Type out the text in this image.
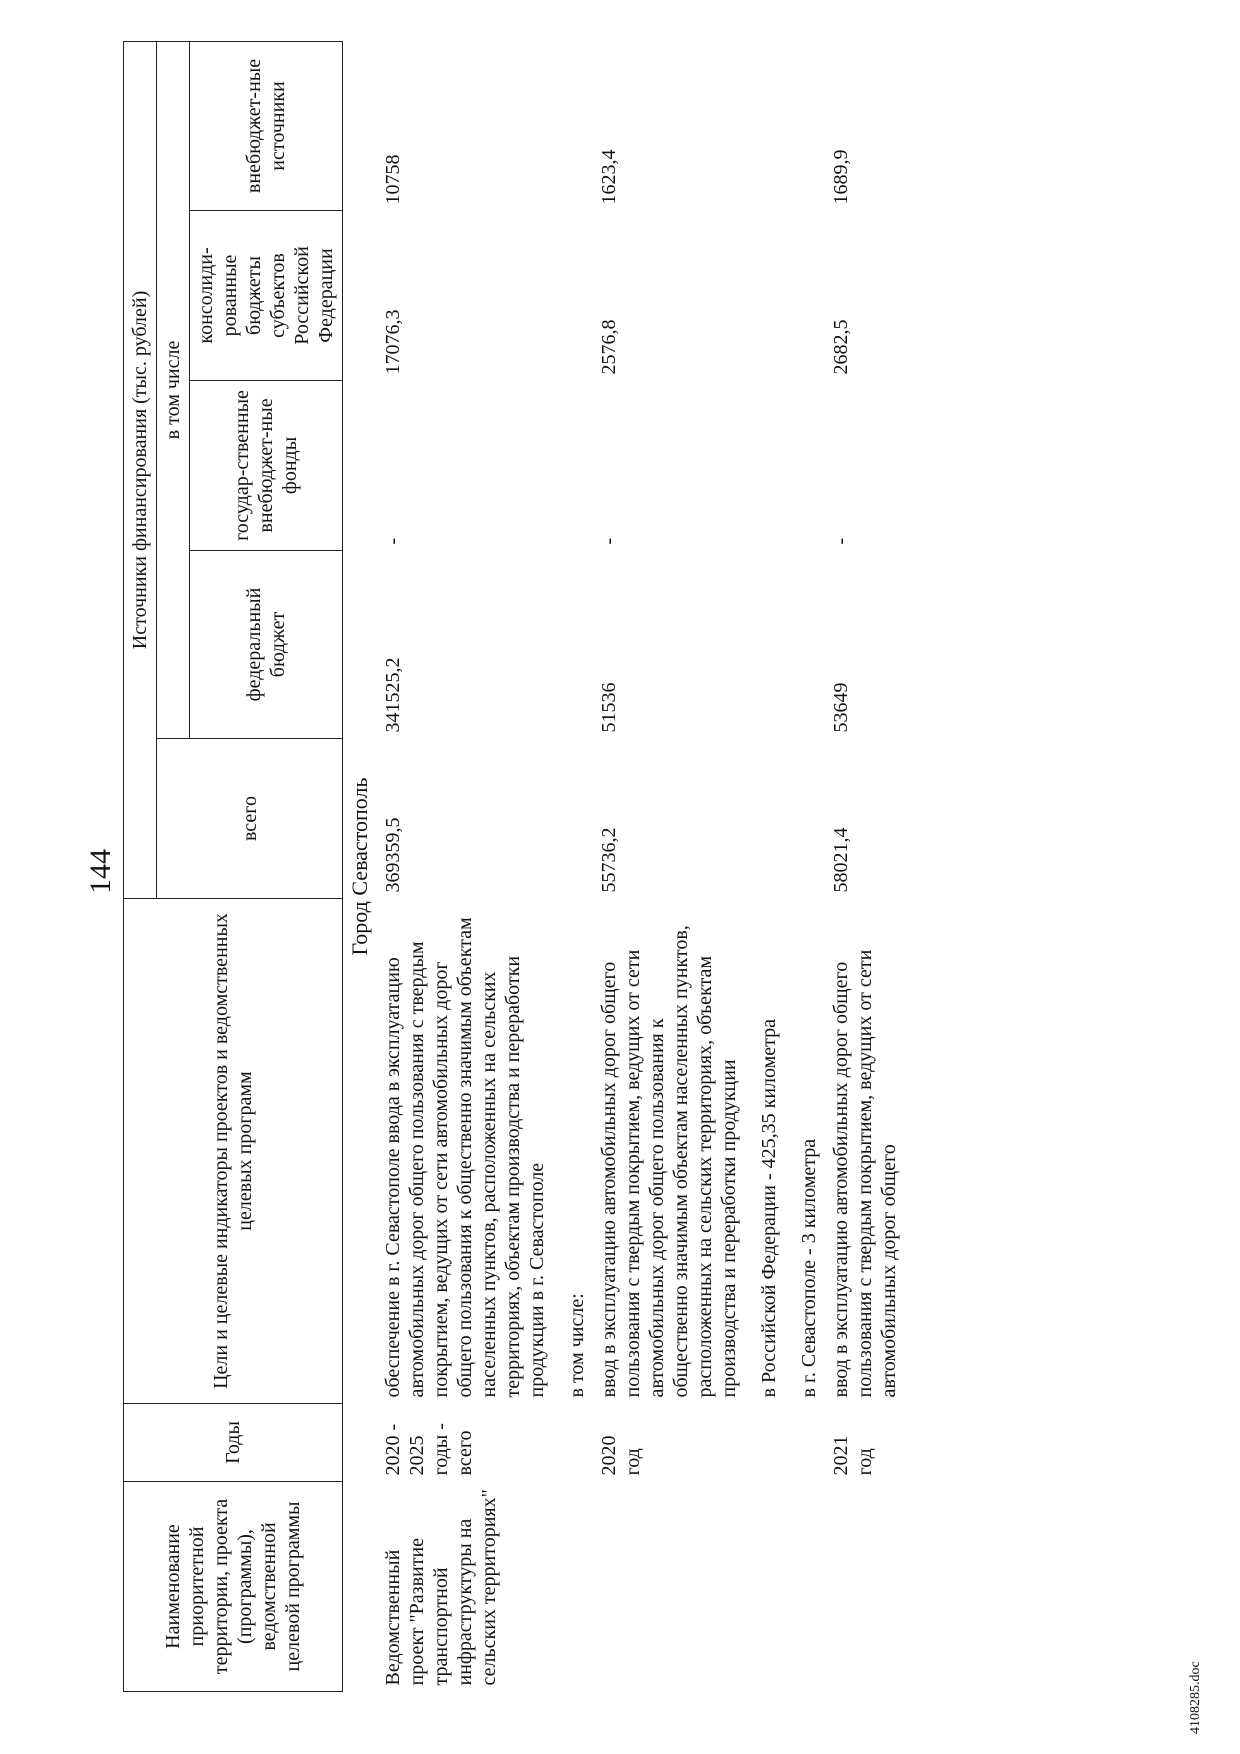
144
Наименование приоритетной территории, проекта (программы), ведомственной целевой программы	Годы	Цели и целевые индикаторы проектов и ведомственных целевых программ	Источники финансирования (тыс. рублей)				
			всего	в том числе			
				федеральный бюджет	государ-ственные внебюджет-ные фонды	консолиди-рованные бюджеты субъектов Российской Федерации	внебюджет-ные источники
Город Севастополь							
Ведомственный проект "Развитие транспортной инфраструктуры на сельских территориях"	2020 - 2025 годы - всего	обеспечение в г. Севастополе ввода в эксплуатацию автомобильных дорог общего пользования с твердым покрытием, ведущих от сети автомобильных дорог общего пользования к общественно значимым объектам населенных пунктов, расположенных на сельских территориях, объектам производства и переработки продукции в г. Севастополе в том числе:	369359,5	341525,2	-	17076,3	10758
	2020 год	ввод в эксплуатацию автомобильных дорог общего пользования с твердым покрытием, ведущих от сети автомобильных дорог общего пользования к общественно значимым объектам населенных пунктов, расположенных на сельских территориях, объектам производства и переработки продукции в Российской Федерации - 425,35 километра в г. Севастополе - 3 километра	55736,2	51536	-	2576,8	1623,4
	2021 год	ввод в эксплуатацию автомобильных дорог общего пользования с твердым покрытием, ведущих от сети автомобильных дорог общего	58021,4	53649	-	2682,5	1689,9
4108285.doc
